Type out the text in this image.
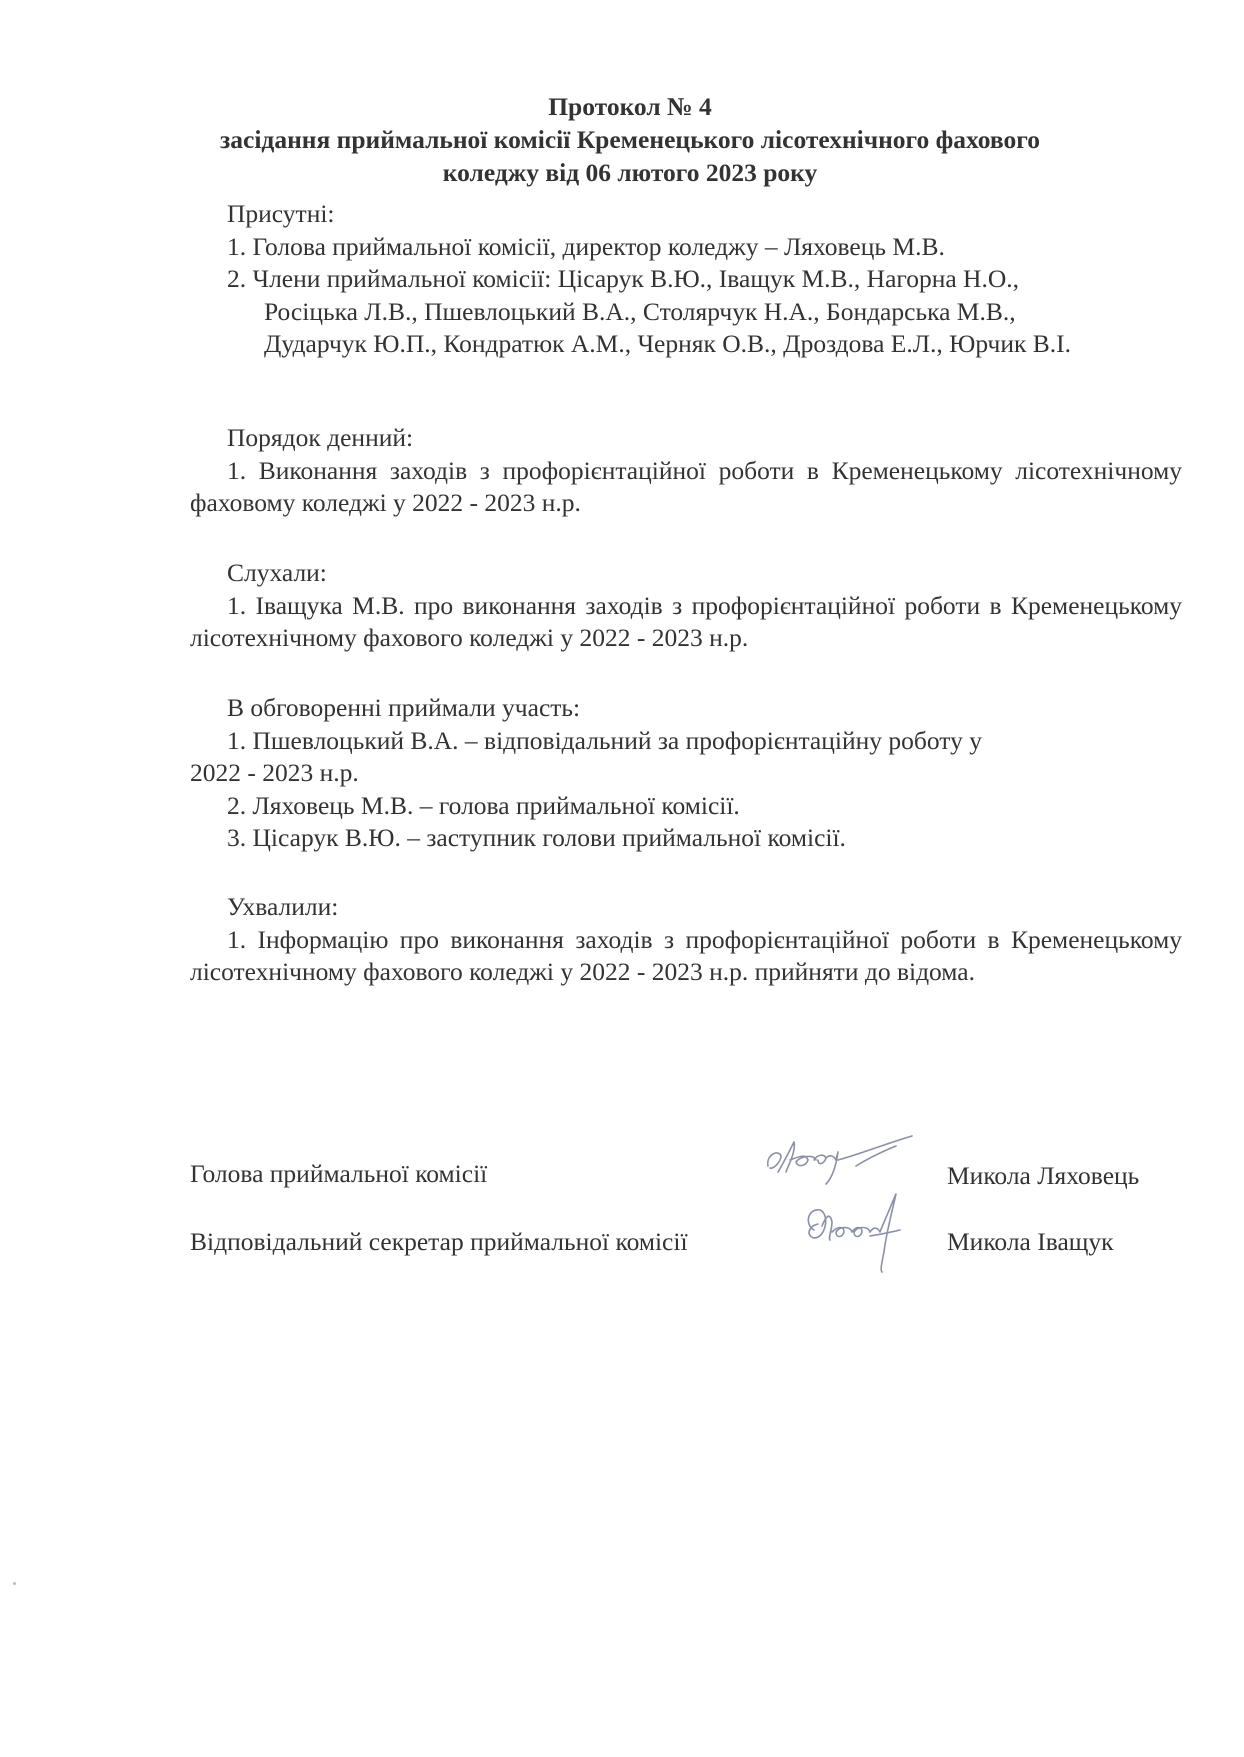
Протокол № 4
засідання приймальної комісії Кременецького лісотехнічного фахового
коледжу від 06 лютого 2023 року
Присутні:
1. Голова приймальної комісії, директор коледжу – Ляховець М.В.
2. Члени приймальної комісії: Цісарук В.Ю., Іващук М.В., Нагорна Н.О.,
Росіцька Л.В., Пшевлоцький В.А., Столярчук Н.А., Бондарська М.В.,
Дударчук Ю.П., Кондратюк А.М., Черняк О.В., Дроздова Е.Л., Юрчик В.І.
Порядок денний:
1. Виконання заходів з профорієнтаційної роботи в Кременецькому лісотехнічному фаховому коледжі у 2022 - 2023 н.р.
Слухали:
1. Іващука М.В. про виконання заходів з профорієнтаційної роботи в Кременецькому лісотехнічному фахового коледжі у 2022 - 2023 н.р.
В обговоренні приймали участь:
1. Пшевлоцький В.А. – відповідальний за профорієнтаційну роботу у
2022 - 2023 н.р.
2. Ляховець М.В. – голова приймальної комісії.
3. Цісарук В.Ю. – заступник голови приймальної комісії.
Ухвалили:
1. Інформацію про виконання заходів з профорієнтаційної роботи в Кременецькому лісотехнічному фахового коледжі у 2022 - 2023 н.р. прийняти до відома.
Голова приймальної комісії	Микола Ляховець
Відповідальний секретар приймальної комісії	Микола Іващук
